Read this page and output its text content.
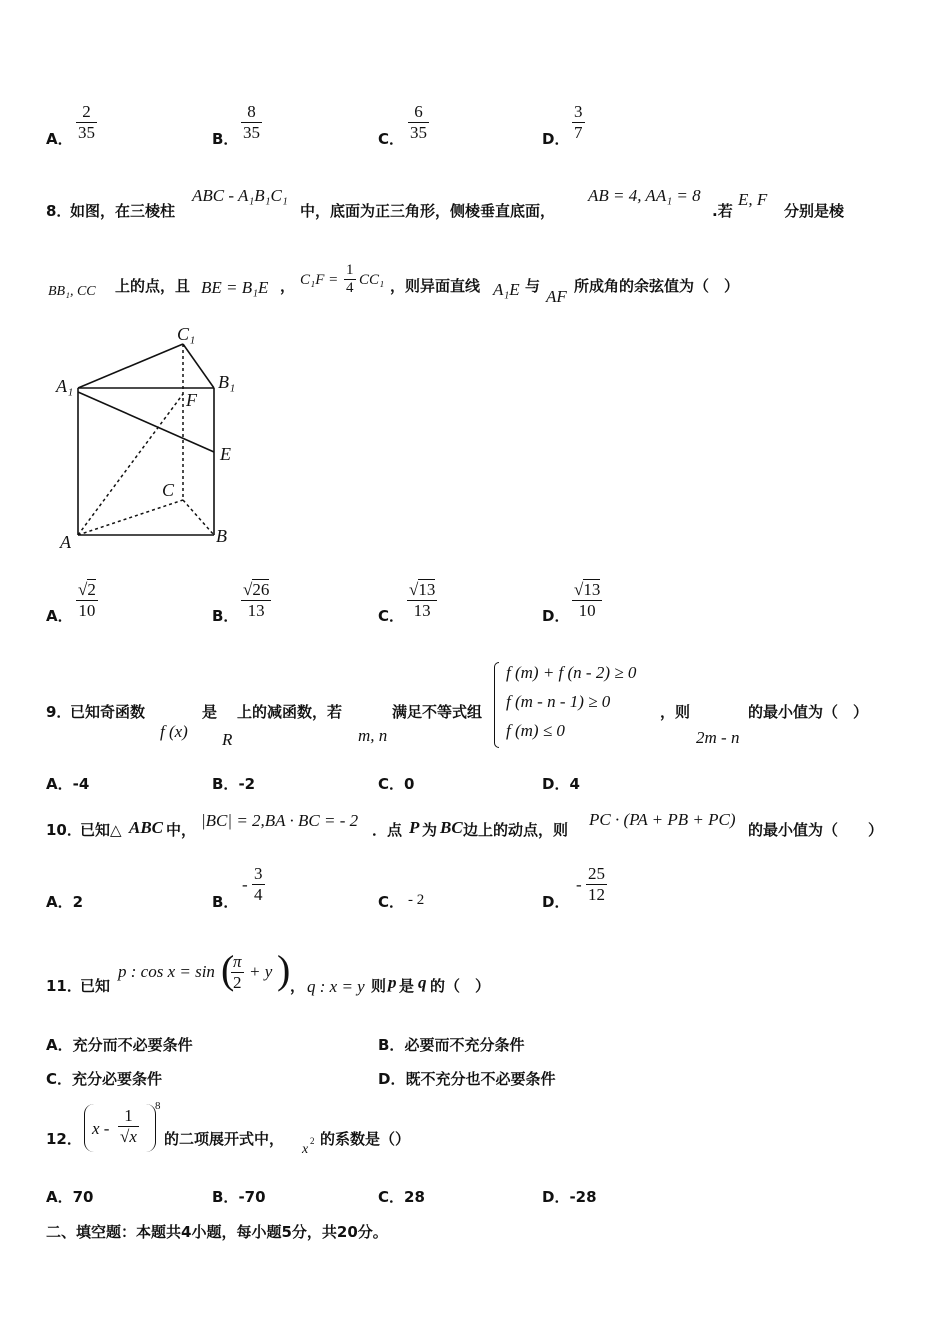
A． $\frac{2}{35}$	B． $\frac{8}{35}$	C． $\frac{6}{35}$	D． $\frac{3}{7}$
8．
如图，在三棱柱
ABC - A₁B₁C₁
中，底面为正三角形，侧棱垂直底面，
AB = 4, AA₁ = 8
.若
E, F
分别是棱
BB₁, CC 上的点，且 BE = B₁E ， $C_1F = \frac{1}{4} CC_1$ ，则异面直线 A₁E 与
AF
所成角的余弦值为（　）
C₁
A₁	B₁
F
E
C
A	B
A． $\frac{√2}{10}$	B． $\frac{√26}{13}$	C． $\frac{√13}{13}$	D． $\frac{√13}{10}$
9．
已知奇函数
f (x)
是
R
上的减函数，若
m, n
满足不等式组
f (m) + f (n - 2) ≥ 0
f (m - n - 1) ≥ 0
f (m) ≤ 0
，则
2m - n
的最小值为（　）
A．-4	B．-2	C．0	D．4
10．
已知△ ABC 中， |BC| = 2,BA · BC = - 2 ．点 P 为 BC 边上的动点，则
PC · (PA + PB + PC)
的最小值为（　　）
A．2	B．
- $\frac{3}{4}$	C． - 2	D．
- $\frac{25}{12}$
11．
已知
p : cos x = sin (
$\frac{\pi}{2} + y$ ) ， q : x = y 则 p 是 q 的（　）
A．充分而不必要条件	B．必要而不充分条件
C．充分必要条件	D．既不充分也不必要条件
12．
x - $\frac{1}{√x} 8$
的二项展开式中，
x
2 的系数是（）
A．70	B．-70	C．28	D．-28
二、填空题：本题共4小题，每小题5分，共20分。
